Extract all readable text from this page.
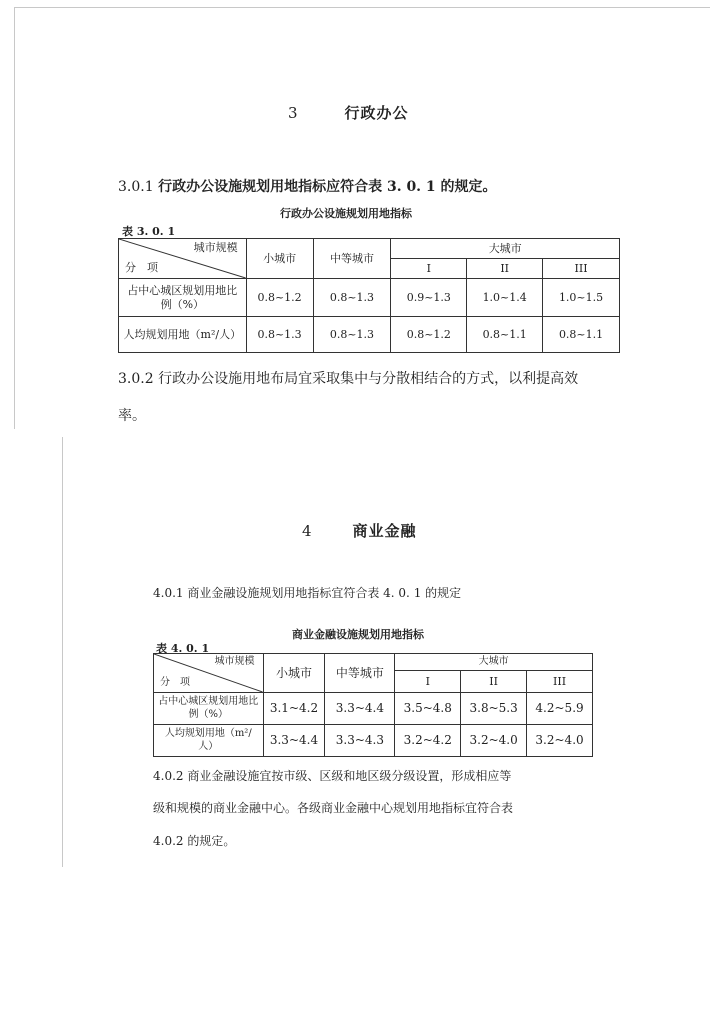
3	行政办公
3.0.1 行政办公设施规划用地指标应符合表 3. 0. 1 的规定。
行政办公设施规划用地指标
表 3. 0. 1
城市规模
分　项	小城市	中等城市	大城市		
			I	II	III
占中心城区规划用地比例（%）	0.8~1.2	0.8~1.3	0.9~1.3	1.0~1.4	1.0~1.5
人均规划用地（m²/人）	0.8~1.3	0.8~1.3	0.8~1.2	0.8~1.1	0.8~1.1
3.0.2 行政办公设施用地布局宜采取集中与分散相结合的方式，以利提高效
率。
4	商业金融
4.0.1 商业金融设施规划用地指标宜符合表 4. 0. 1 的规定
商业金融设施规划用地指标
表 4. 0. 1
城市规模
分　项	小城市	中等城市	大城市		
			I	II	III
占中心城区规划用地比例（%）	3.1~4.2	3.3~4.4	3.5~4.8	3.8~5.3	4.2~5.9
人均规划用地（m²/人）	3.3~4.4	3.3~4.3	3.2~4.2	3.2~4.0	3.2~4.0
4.0.2 商业金融设施宜按市级、区级和地区级分级设置，形成相应等
级和规模的商业金融中心。各级商业金融中心规划用地指标宜符合表
4.0.2 的规定。
